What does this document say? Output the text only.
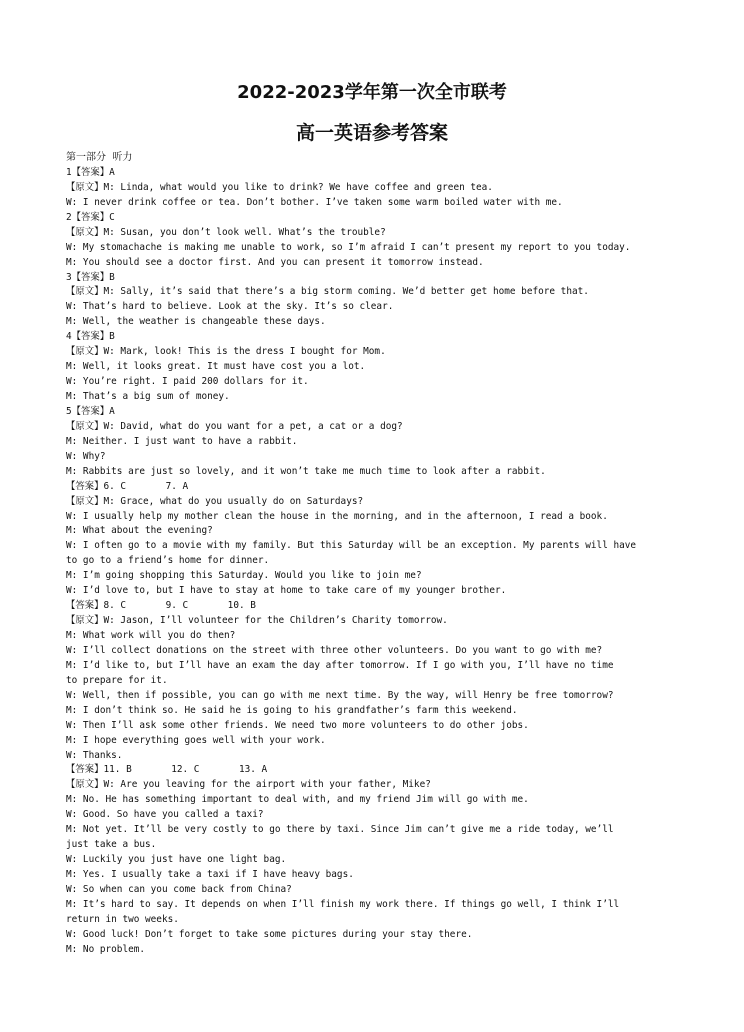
2022-2023学年第一次全市联考
高一英语参考答案
第一部分  听力
1【答案】A
【原文】M: Linda, what would you like to drink? We have coffee and green tea.
W: I never drink coffee or tea. Don’t bother. I’ve taken some warm boiled water with me.
2【答案】C
【原文】M: Susan, you don’t look well. What’s the trouble?
W: My stomachache is making me unable to work, so I’m afraid I can’t present my report to you today.
M: You should see a doctor first. And you can present it tomorrow instead.
3【答案】B
【原文】M: Sally, it’s said that there’s a big storm coming. We’d better get home before that.
W: That’s hard to believe. Look at the sky. It’s so clear.
M: Well, the weather is changeable these days.
4【答案】B
【原文】W: Mark, look! This is the dress I bought for Mom.
M: Well, it looks great. It must have cost you a lot.
W: You’re right. I paid 200 dollars for it.
M: That’s a big sum of money.
5【答案】A
【原文】W: David, what do you want for a pet, a cat or a dog?
M: Neither. I just want to have a rabbit.
W: Why?
M: Rabbits are just so lovely, and it won’t take me much time to look after a rabbit.
【答案】6. C       7. A
【原文】M: Grace, what do you usually do on Saturdays?
W: I usually help my mother clean the house in the morning, and in the afternoon, I read a book.
M: What about the evening?
W: I often go to a movie with my family. But this Saturday will be an exception. My parents will have
to go to a friend’s home for dinner.
M: I’m going shopping this Saturday. Would you like to join me?
W: I’d love to, but I have to stay at home to take care of my younger brother.
【答案】8. C       9. C       10. B
【原文】W: Jason, I’ll volunteer for the Children’s Charity tomorrow.
M: What work will you do then?
W: I’ll collect donations on the street with three other volunteers. Do you want to go with me?
M: I’d like to, but I’ll have an exam the day after tomorrow. If I go with you, I’ll have no time
to prepare for it.
W: Well, then if possible, you can go with me next time. By the way, will Henry be free tomorrow?
M: I don’t think so. He said he is going to his grandfather’s farm this weekend.
W: Then I’ll ask some other friends. We need two more volunteers to do other jobs.
M: I hope everything goes well with your work.
W: Thanks.
【答案】11. B       12. C       13. A
【原文】W: Are you leaving for the airport with your father, Mike?
M: No. He has something important to deal with, and my friend Jim will go with me.
W: Good. So have you called a taxi?
M: Not yet. It’ll be very costly to go there by taxi. Since Jim can’t give me a ride today, we’ll
just take a bus.
W: Luckily you just have one light bag.
M: Yes. I usually take a taxi if I have heavy bags.
W: So when can you come back from China?
M: It’s hard to say. It depends on when I’ll finish my work there. If things go well, I think I’ll
return in two weeks.
W: Good luck! Don’t forget to take some pictures during your stay there.
M: No problem.
